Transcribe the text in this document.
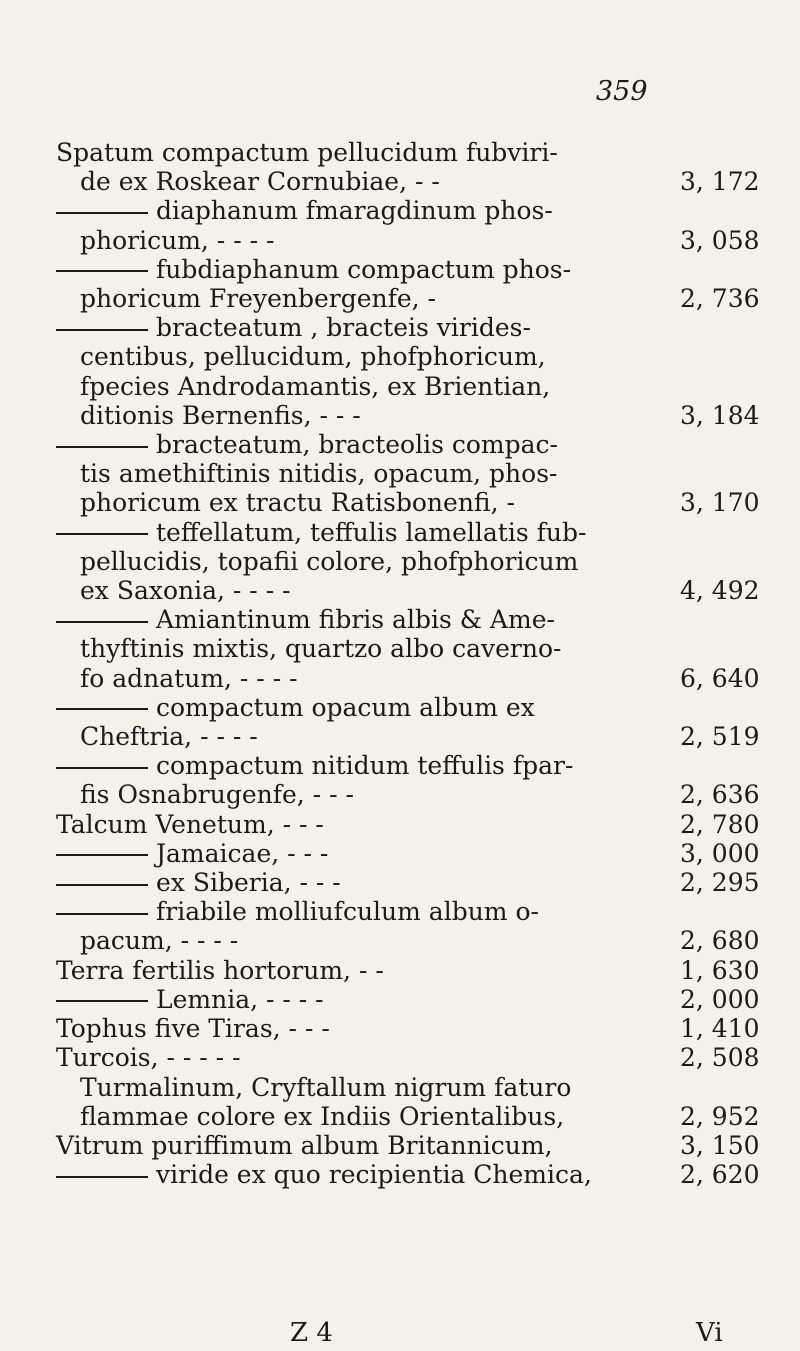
359
Spatum compactum pellucidum fubviri-
de ex Roskear Cornubiae, - -	3, 172
diaphanum fmaragdinum phos-
phoricum, - - - -	3, 058
fubdiaphanum compactum phos-
phoricum Freyenbergenfe, -	2, 736
bracteatum , bracteis virides-
centibus, pellucidum, phofphoricum,
fpecies Androdamantis, ex Brientian,
ditionis Bernenfis, - - -	3, 184
bracteatum, bracteolis compac-
tis amethiftinis nitidis, opacum, phos-
phoricum ex tractu Ratisbonenfi, -	3, 170
teffellatum, teffulis lamellatis fub-
pellucidis, topafii colore, phofphoricum
ex Saxonia, - - - -	4, 492
Amiantinum fibris albis & Ame-
thyftinis mixtis, quartzo albo caverno-
fo adnatum, - - - -	6, 640
compactum opacum album ex
Cheftria, - - - -	2, 519
compactum nitidum teffulis fpar-
fis Osnabrugenfe, - - -	2, 636
Talcum Venetum, - - -	2, 780
Jamaicae, - - -	3, 000
ex Siberia, - - -	2, 295
friabile molliufculum album o-
pacum, - - - -	2, 680
Terra fertilis hortorum, - -	1, 630
Lemnia, - - - -	2, 000
Tophus five Tiras, - - -	1, 410
Turcois, - - - - -	2, 508
Turmalinum, Cryftallum nigrum faturo
flammae colore ex Indiis Orientalibus,	2, 952
Vitrum puriffimum album Britannicum,	3, 150
viride ex quo recipientia Chemica,	2, 620
Z 4	Vi
